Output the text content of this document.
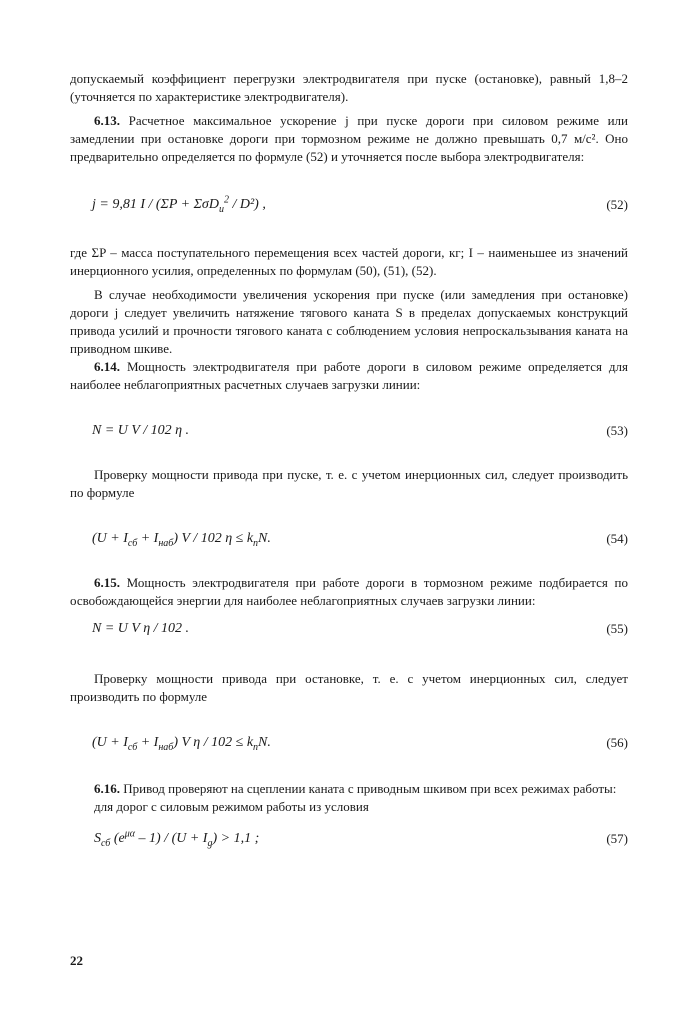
допускаемый коэффициент перегрузки электродвигателя при пуске (остановке), равный 1,8–2 (уточняется по характеристике электродвигателя).

6.13. Расчетное максимальное ускорение j при пуске дороги при силовом режиме или замедлении при остановке дороги при тормозном режиме не должно превышать 0,7 м/с². Оно предварительно определяется по формуле (52) и уточняется после выбора электродвигателя:

j = 9,81 I / (ΣP + ΣσD$_u^2$ / D²) ,	(52)

где ΣP – масса поступательного перемещения всех частей дороги, кг; I – наименьшее из значений инерционного усилия, определенных по формулам (50), (51), (52).

В случае необходимости увеличения ускорения при пуске (или замедления при остановке) дороги j следует увеличить натяжение тягового каната S в пределах допускаемых конструкций привода усилий и прочности тягового каната с соблюдением условия непроскальзывания каната на приводном шкиве.

6.14. Мощность электродвигателя при работе дороги в силовом режиме определяется для наиболее неблагоприятных расчетных случаев загрузки линии:

N = U V / 102 η .	(53)

Проверку мощности привода при пуске, т. е. с учетом инерционных сил, следует производить по формуле

$(U + I_{сб} + I_{наб})$ V / 102 $\eta \le k_пN$.	(54)

6.15. Мощность электродвигателя при работе дороги в тормозном режиме подбирается по освобождающейся энергии для наиболее неблагоприятных случаев загрузки линии:

N = U V η / 102 .	(55)

Проверку мощности привода при остановке, т. е. с учетом инерционных сил, следует производить по формуле

$(U + I_{сб} + I_{наб})$ V $\eta / 102 \le k_пN$.	(56)

6.16. Привод проверяют на сцеплении каната с приводным шкивом при всех режимах работы:

для дорог с силовым режимом работы из условия

$S_{сб}$ $(e^{\mu\alpha} - 1) / (U + I_g) > 1,1$ ;	(57)
22
